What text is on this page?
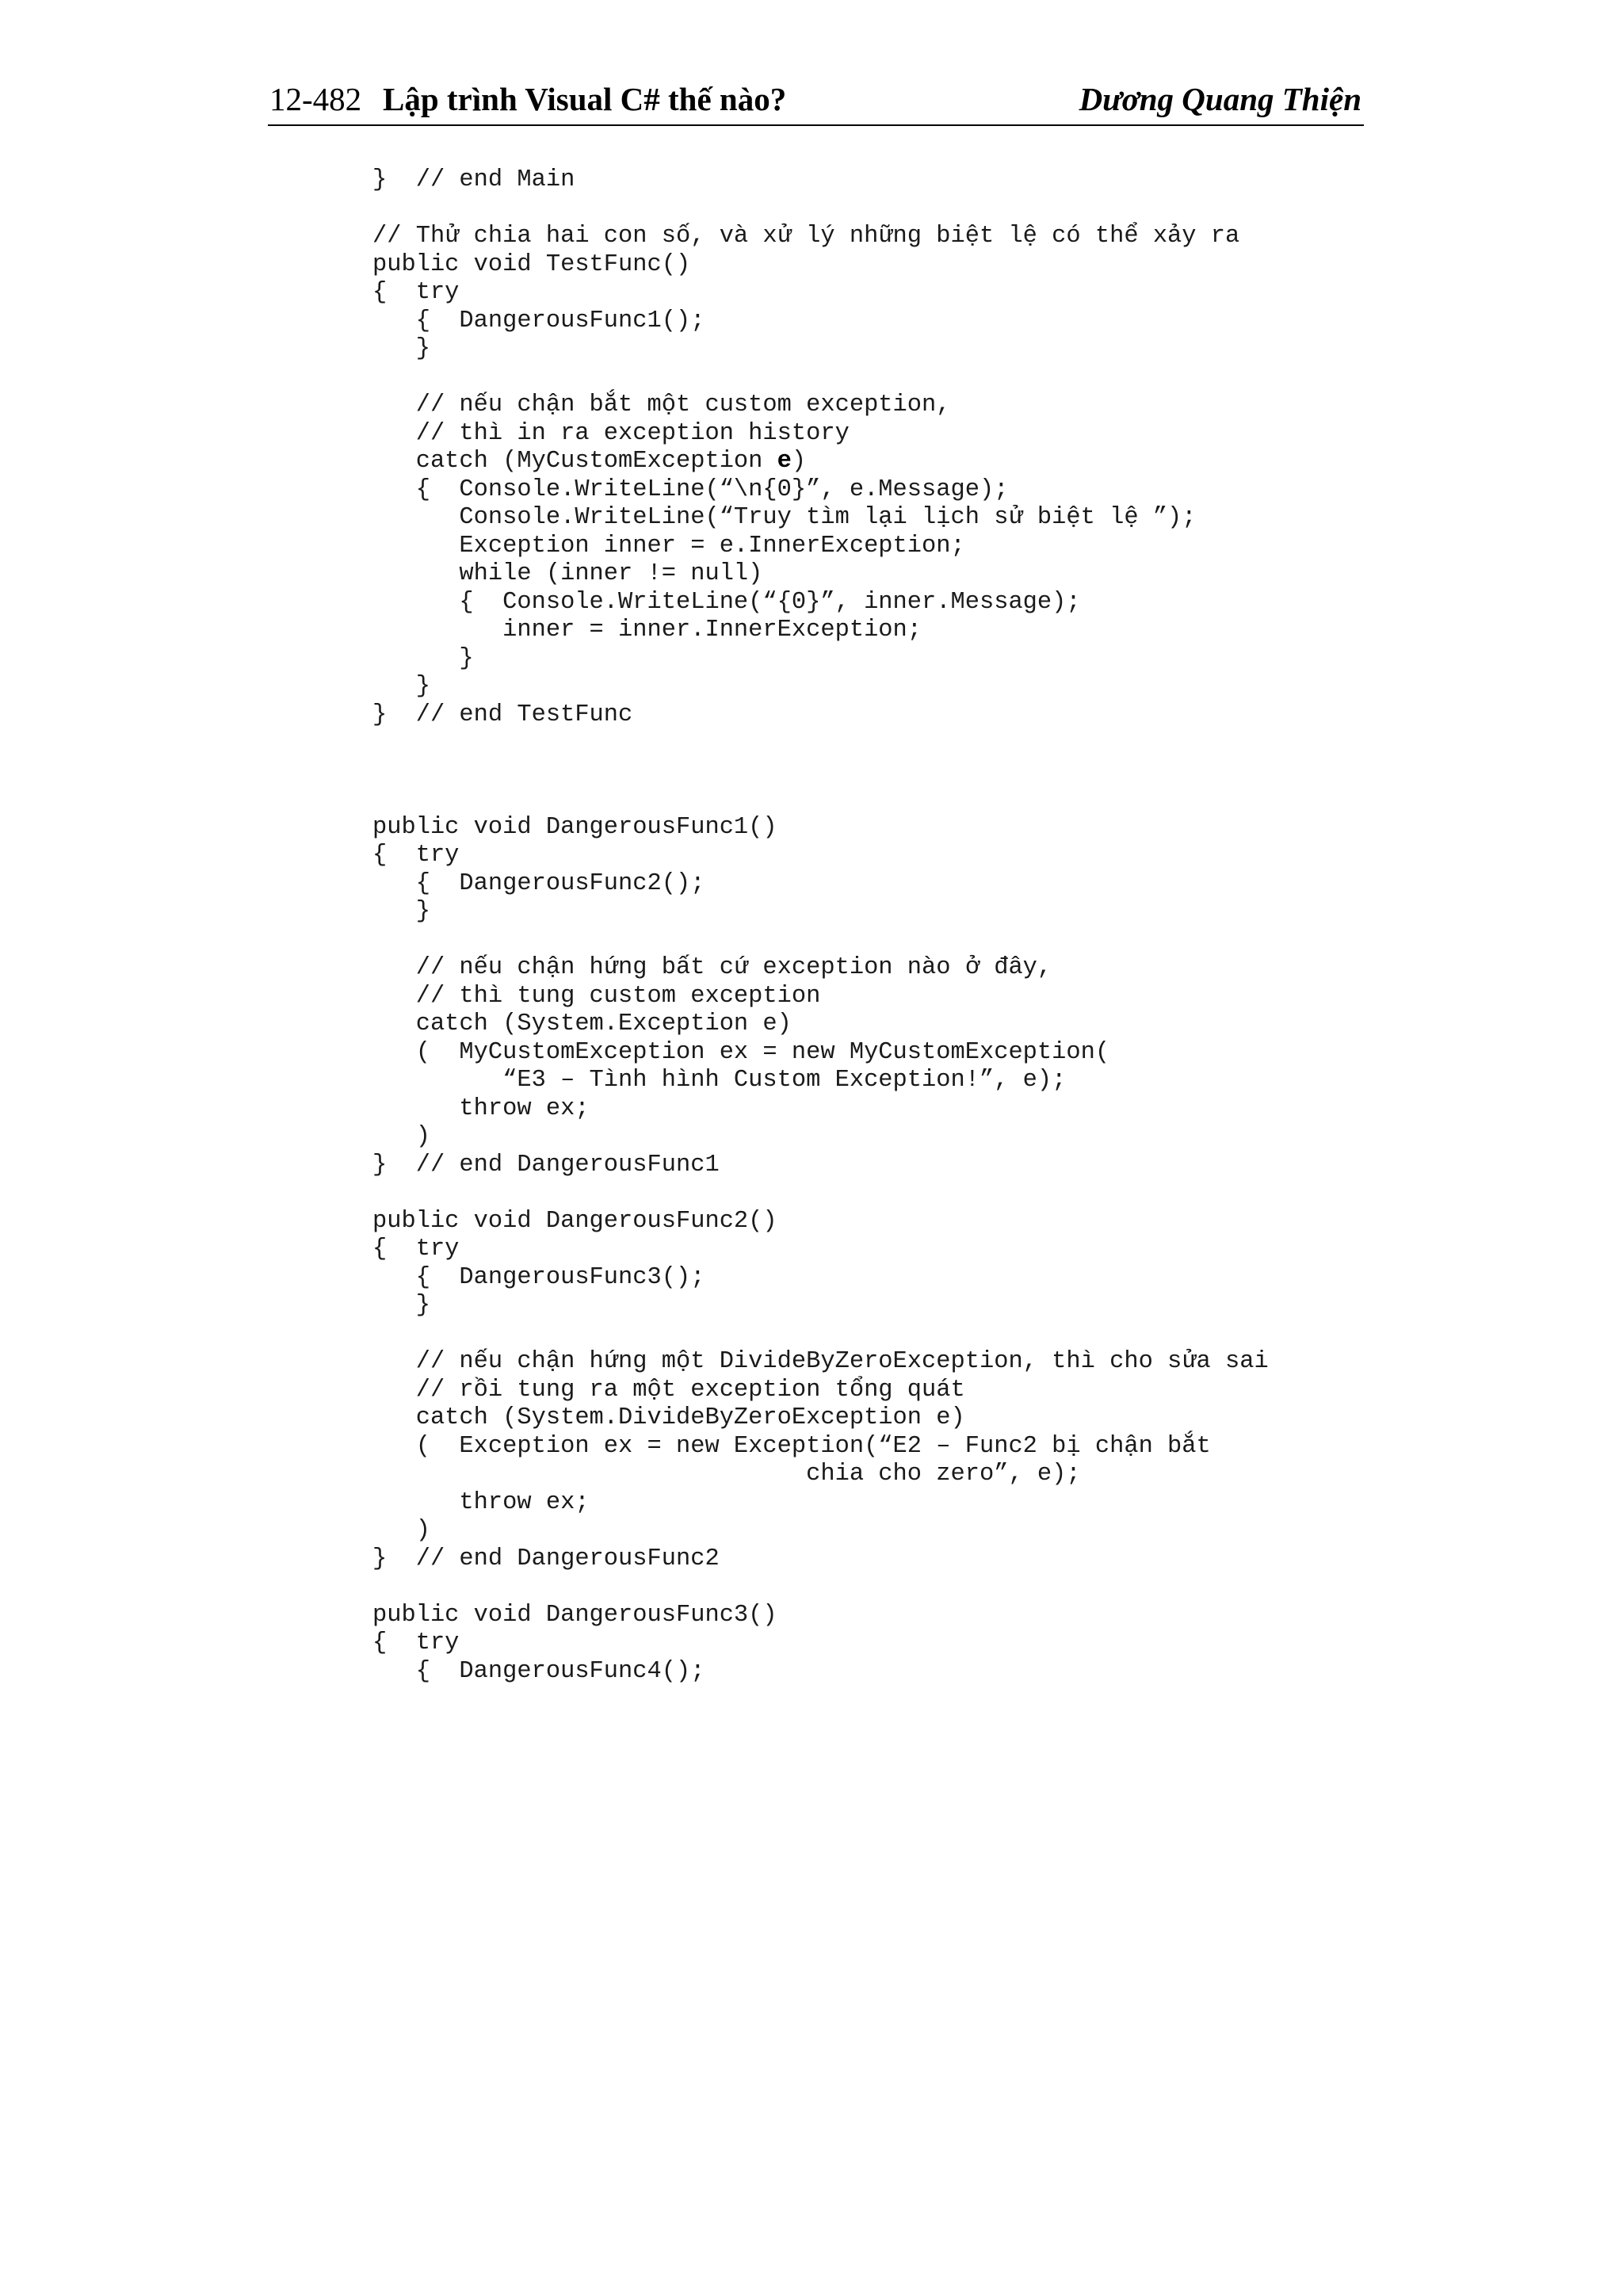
12-482 Lập trình Visual C# thế nào?	Dương Quang Thiện
}  // end Main

// Thử chia hai con số, và xử lý những biệt lệ có thể xảy ra
public void TestFunc()
{  try
{  DangerousFunc1();
}

// nếu chận bắt một custom exception,
// thì in ra exception history
catch (MyCustomException e)
{  Console.WriteLine(“\n{0}”, e.Message);
Console.WriteLine(“Truy tìm lại lịch sử biệt lệ ”);
Exception inner = e.InnerException;
while (inner != null)
{  Console.WriteLine(“{0}”, inner.Message);
inner = inner.InnerException;
}
}
}  // end TestFunc

public void DangerousFunc1()
{  try
{  DangerousFunc2();
}

// nếu chận hứng bất cứ exception nào ở đây,
// thì tung custom exception
catch (System.Exception e)
(  MyCustomException ex = new MyCustomException(
“E3 – Tình hình Custom Exception!”, e);
throw ex;
)
}  // end DangerousFunc1

public void DangerousFunc2()
{  try
{  DangerousFunc3();
}

// nếu chận hứng một DivideByZeroException, thì cho sửa sai
// rồi tung ra một exception tổng quát
catch (System.DivideByZeroException e)
(  Exception ex = new Exception(“E2 – Func2 bị chận bắt
chia cho zero”, e);
throw ex;
)
}  // end DangerousFunc2

public void DangerousFunc3()
{  try
{  DangerousFunc4();
